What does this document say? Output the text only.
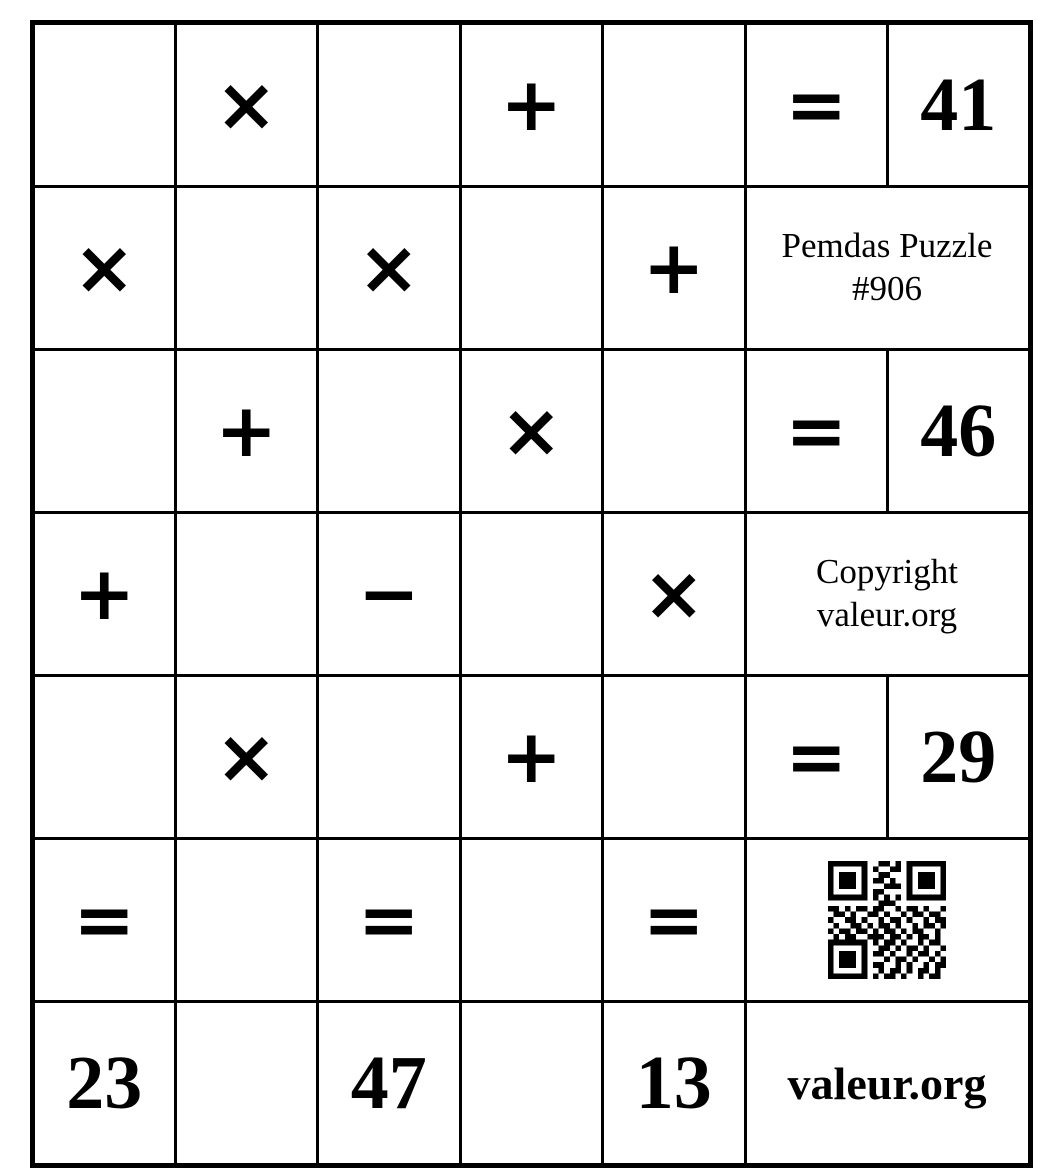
	×		+		=	41
×		×		+	Pemdas Puzzle
#906	

	+		×		=	46
+		−		×	Copyright
valeur.org	

	×		+		=	29
=		=		=	

23		47		13	valeur.org	
